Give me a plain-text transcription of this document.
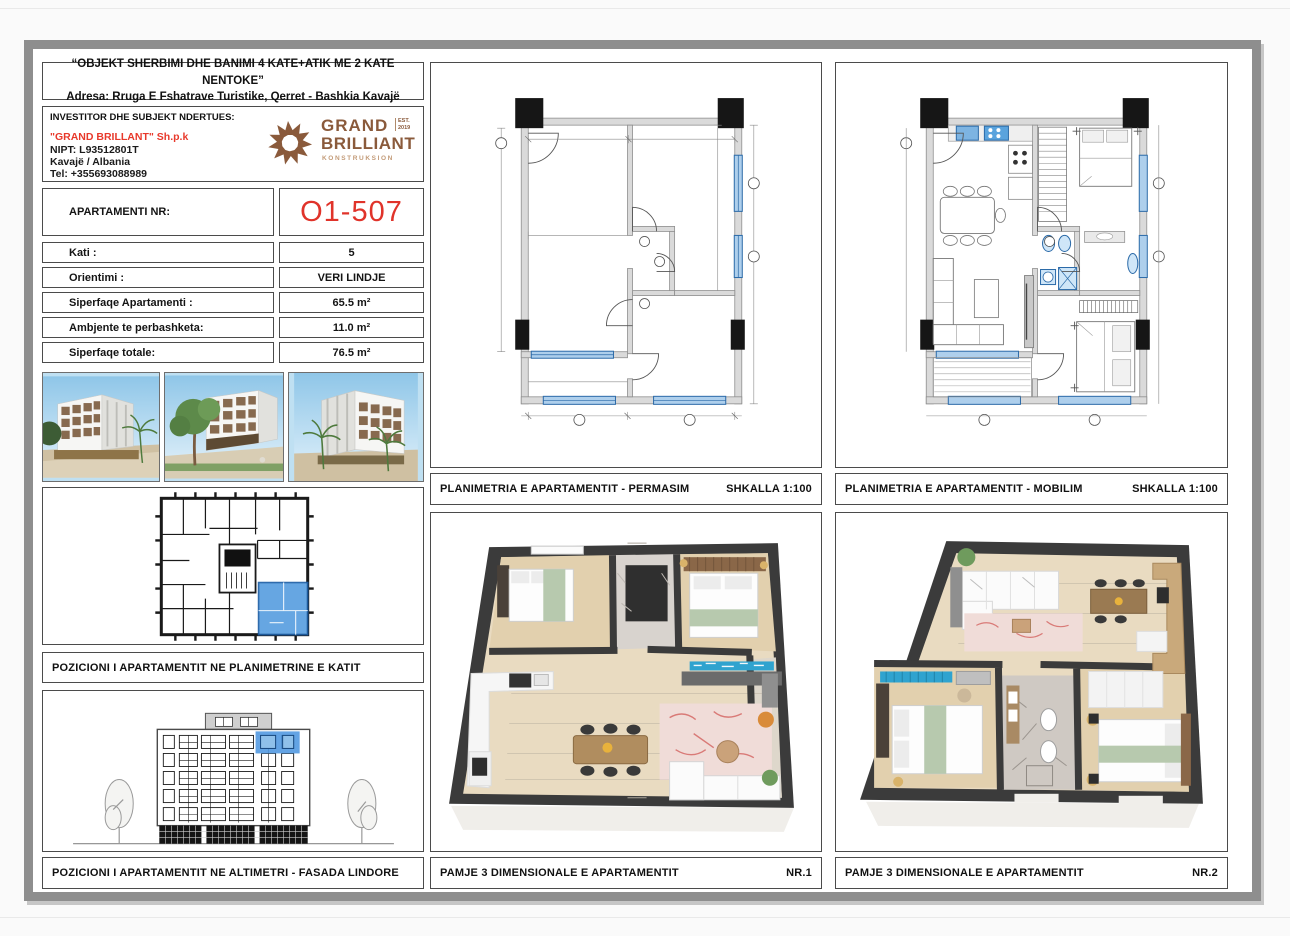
“OBJEKT SHERBIMI DHE BANIMI 4 KATE+ATIK ME 2 KATE NENTOKE”
Adresa: Rruga E Fshatrave Turistike, Qerret - Bashkia Kavajë
INVESTITOR DHE SUBJEKT NDERTUES:
"GRAND BRILLANT" Sh.p.k
NIPT: L93512801T
Kavajë / Albania
Tel: +355693088989
GRAND EST.
2019
BRILLIANT
KONSTRUKSION
APARTAMENTI NR:	O1-507
Kati :	5
Orientimi :	VERI LINDJE
Siperfaqe Apartamenti :	65.5 m²
Ambjente te perbashketa:	11.0 m²
Siperfaqe totale:	76.5 m²
POZICIONI I APARTAMENTIT NE PLANIMETRINE E KATIT
POZICIONI I APARTAMENTIT NE ALTIMETRI - FASADA LINDORE
PLANIMETRIA E APARTAMENTIT - PERMASIM	SHKALLA 1:100
PAMJE 3 DIMENSIONALE E APARTAMENTIT	NR.1
PLANIMETRIA E APARTAMENTIT - MOBILIM	SHKALLA 1:100
PAMJE 3 DIMENSIONALE E APARTAMENTIT	NR.2
